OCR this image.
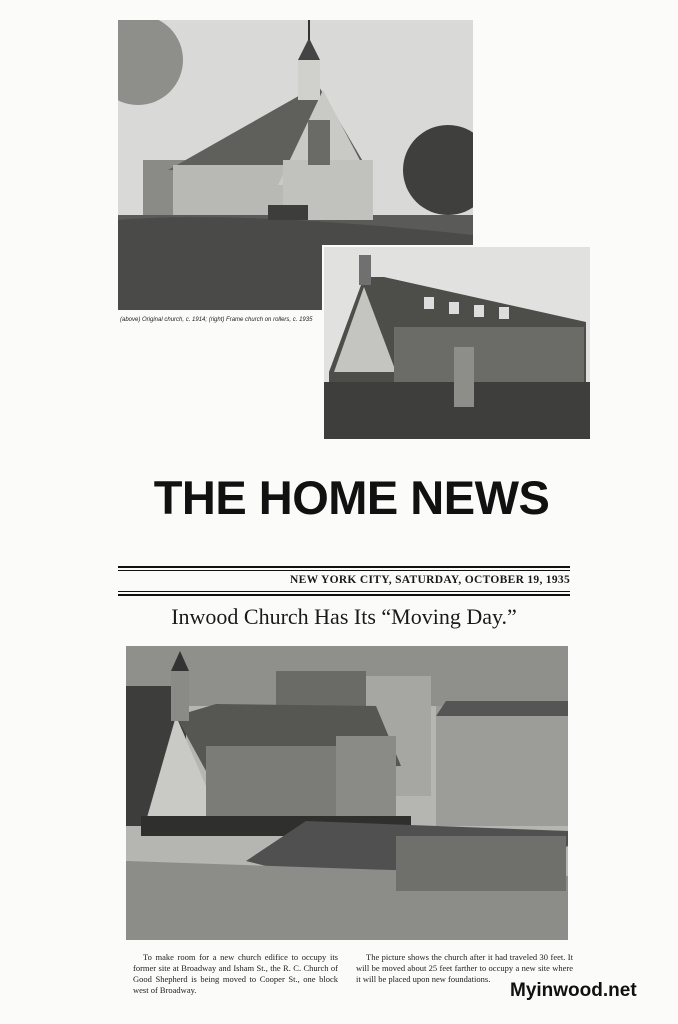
(above) Original church, c. 1914; (right) Frame church on rollers, c. 1935
THE HOME NEWS
NEW YORK CITY, SATURDAY, OCTOBER 19, 1935
Inwood Church Has Its “Moving Day.”
To make room for a new church edifice to occupy its former site at Broadway and Isham St., the R. C. Church of Good Shepherd is being moved to Cooper St., one block west of Broadway.
The picture shows the church after it had traveled 30 feet. It will be moved about 25 feet farther to occupy a new site where it will be placed upon new foundations.
Myinwood.net
